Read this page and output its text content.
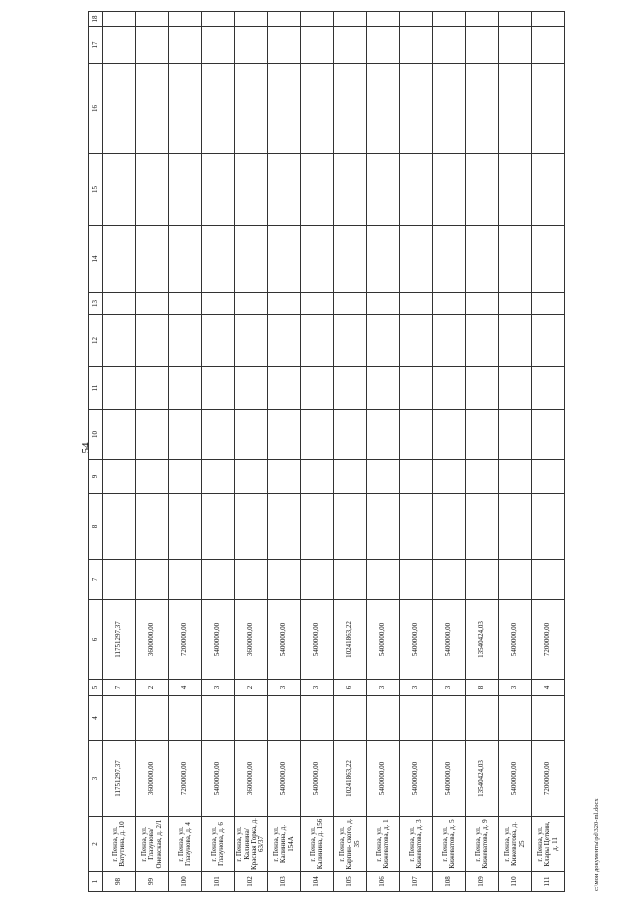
54
1	2	3	4	5	6	7	8	9	10	11	12	13	14	15	16	17	18
98	г. Пенза, ул. Ватутина, д. 10	11751297,37		7	11751297,37												
99	г. Пенза, ул. Глазунова/ Онежская, д. 2/1	3600000,00		2	3600000,00												
100	г. Пенза, ул. Глазунова, д. 4	7200000,00		4	7200000,00												
101	г. Пенза, ул. Глазунова, д. 6	5400000,00		3	5400000,00												
102	г. Пенза, ул. Калинина/ Красная Горка, д. 63/37	3600000,00		2	3600000,00												
103	г. Пенза, ул. Калинина, д. 154А	5400000,00		3	5400000,00												
104	г. Пенза, ул. Калинина, д. 156	5400000,00		3	5400000,00												
105	г. Пенза, ул. Карпин- ского, д. 35	10241863,22		6	10241863,22												
106	г. Пенза, ул. Кижеватова, д. 1	5400000,00		3	5400000,00												
107	г. Пенза, ул. Кижеватова, д. 3	5400000,00		3	5400000,00												
108	г. Пенза, ул. Кижеватова, д. 5	5400000,00		3	5400000,00												
109	г. Пенза, ул. Кижеватова, д. 9	13540424,03		8	13540424,03												
110	г. Пенза, ул. Кижеватова, д. 25	5400000,00		3	5400000,00												
111	г. Пенза, ул. Клары Цеткин, д. 11	7200000,00		4	7200000,00												
c:\мои документы\pd\320-ml.docx
